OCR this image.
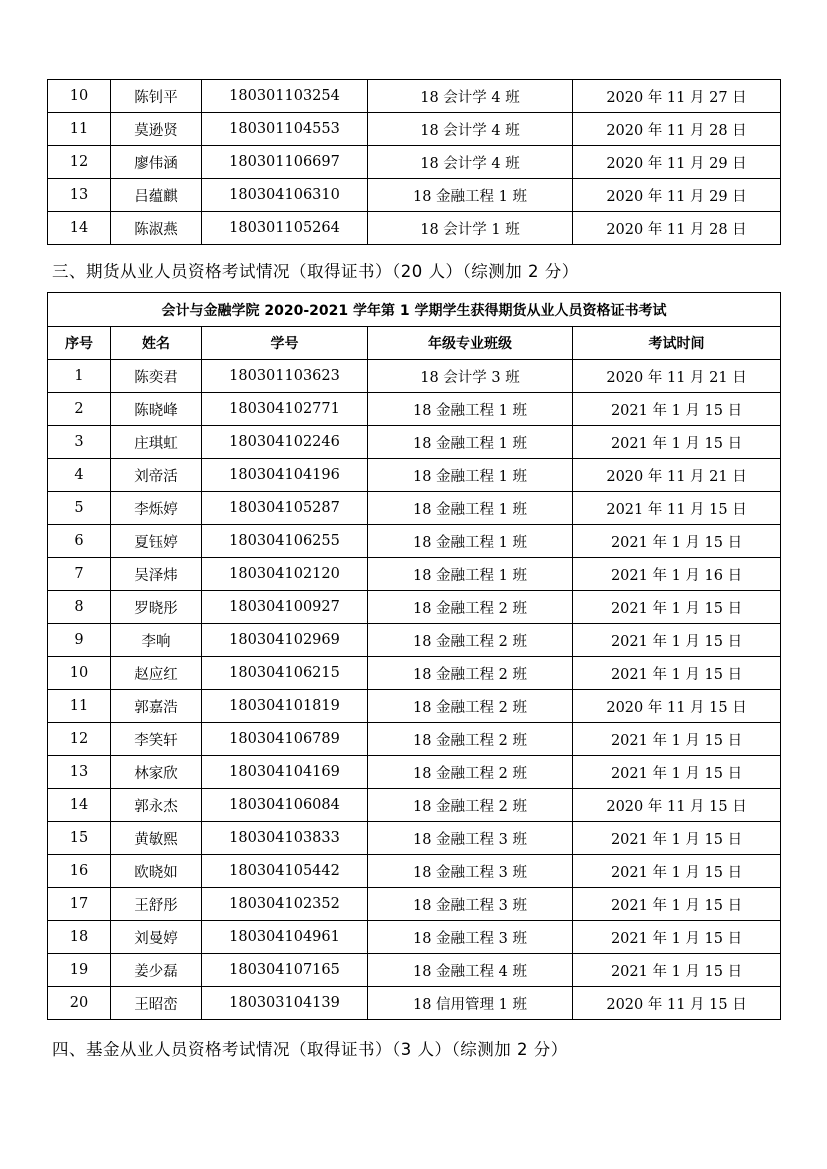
10	陈钊平	180301103254	18 会计学 4 班	2020 年 11 月 27 日
11	莫逊贤	180301104553	18 会计学 4 班	2020 年 11 月 28 日
12	廖伟涵	180301106697	18 会计学 4 班	2020 年 11 月 29 日
13	吕蕴麒	180304106310	18 金融工程 1 班	2020 年 11 月 29 日
14	陈淑燕	180301105264	18 会计学 1 班	2020 年 11 月 28 日
三、期货从业人员资格考试情况（取得证书）（20 人）（综测加 2 分）
会计与金融学院 2020-2021 学年第 1 学期学生获得期货从业人员资格证书考试				
序号	姓名	学号	年级专业班级	考试时间
1	陈奕君	180301103623	18 会计学 3 班	2020 年 11 月 21 日
2	陈晓峰	180304102771	18 金融工程 1 班	2021 年 1 月 15 日
3	庄琪虹	180304102246	18 金融工程 1 班	2021 年 1 月 15 日
4	刘帝活	180304104196	18 金融工程 1 班	2020 年 11 月 21 日
5	李烁婷	180304105287	18 金融工程 1 班	2021 年 11 月 15 日
6	夏钰婷	180304106255	18 金融工程 1 班	2021 年 1 月 15 日
7	吴泽炜	180304102120	18 金融工程 1 班	2021 年 1 月 16 日
8	罗晓彤	180304100927	18 金融工程 2 班	2021 年 1 月 15 日
9	李响	180304102969	18 金融工程 2 班	2021 年 1 月 15 日
10	赵应红	180304106215	18 金融工程 2 班	2021 年 1 月 15 日
11	郭嘉浩	180304101819	18 金融工程 2 班	2020 年 11 月 15 日
12	李笑轩	180304106789	18 金融工程 2 班	2021 年 1 月 15 日
13	林家欣	180304104169	18 金融工程 2 班	2021 年 1 月 15 日
14	郭永杰	180304106084	18 金融工程 2 班	2020 年 11 月 15 日
15	黄敏熙	180304103833	18 金融工程 3 班	2021 年 1 月 15 日
16	欧晓如	180304105442	18 金融工程 3 班	2021 年 1 月 15 日
17	王舒彤	180304102352	18 金融工程 3 班	2021 年 1 月 15 日
18	刘曼婷	180304104961	18 金融工程 3 班	2021 年 1 月 15 日
19	姜少磊	180304107165	18 金融工程 4 班	2021 年 1 月 15 日
20	王昭峦	180303104139	18 信用管理 1 班	2020 年 11 月 15 日
四、基金从业人员资格考试情况（取得证书）（3 人）（综测加 2 分）
